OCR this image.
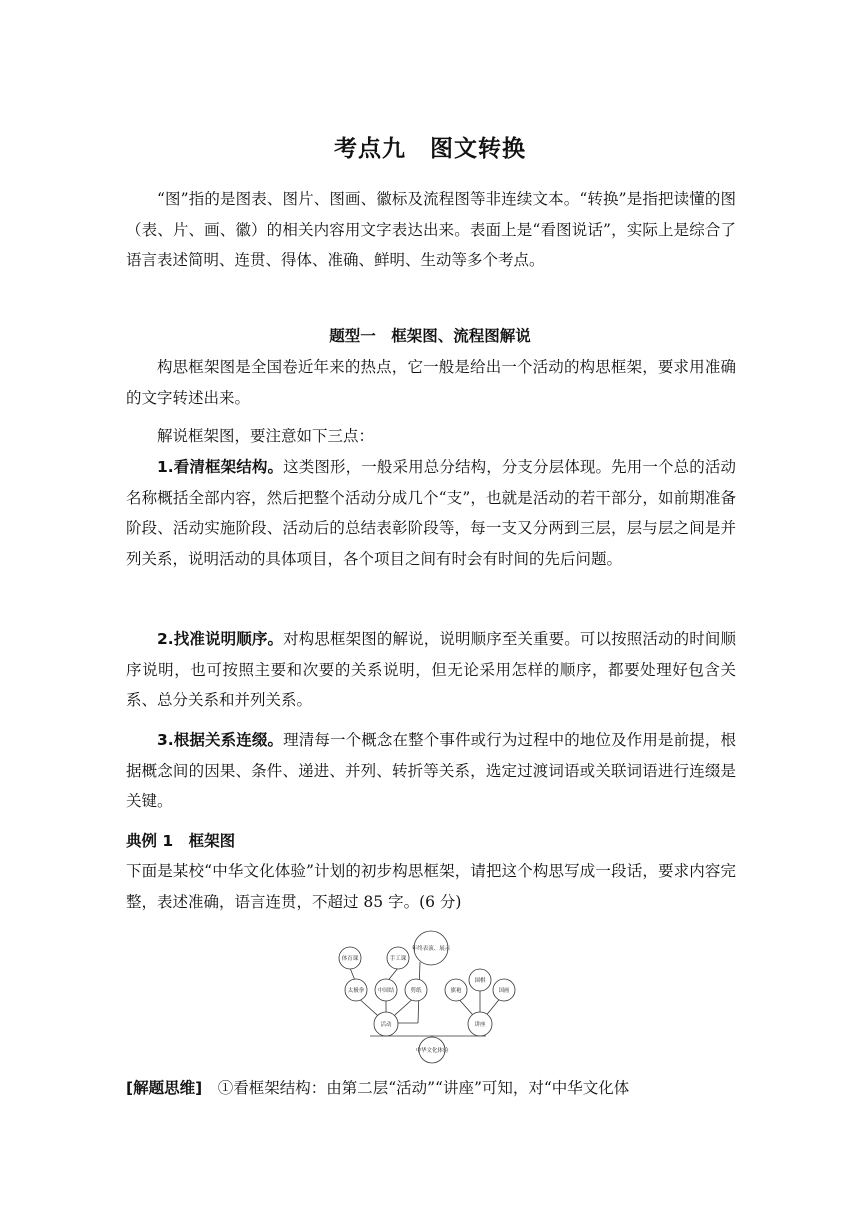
考点九　图文转换

“图”指的是图表、图片、图画、徽标及流程图等非连续文本。“转换”是指把读懂的图（表、片、画、徽）的相关内容用文字表达出来。表面上是“看图说话”，实际上是综合了语言表述简明、连贯、得体、准确、鲜明、生动等多个考点。

题型一　框架图、流程图解说

构思框架图是全国卷近年来的热点，它一般是给出一个活动的构思框架，要求用准确的文字转述出来。

解说框架图，要注意如下三点：

1.看清框架结构。这类图形，一般采用总分结构，分支分层体现。先用一个总的活动名称概括全部内容，然后把整个活动分成几个“支”，也就是活动的若干部分，如前期准备阶段、活动实施阶段、活动后的总结表彰阶段等，每一支又分两到三层，层与层之间是并列关系，说明活动的具体项目，各个项目之间有时会有时间的先后问题。

2.找准说明顺序。对构思框架图的解说，说明顺序至关重要。可以按照活动的时间顺序说明，也可按照主要和次要的关系说明，但无论采用怎样的顺序，都要处理好包含关系、总分关系和并列关系。

3.根据关系连缀。理清每一个概念在整个事件或行为过程中的地位及作用是前提，根据概念间的因果、条件、递进、并列、转折等关系，选定过渡词语或关联词语进行连缀是关键。

典例 1　框架图

下面是某校“中华文化体验”计划的初步构思框架，请把这个构思写成一段话，要求内容完整，表述准确，语言连贯，不超过 85 字。(6 分)

中华文化体验
活动	讲座
年终表演、展示
体育课	手工课
太极拳 中国结	剪纸	旗袍
围棋
国画

[解题思维]　 ①看框架结构：由第二层“活动”“讲座”可知，对“中华文化体
